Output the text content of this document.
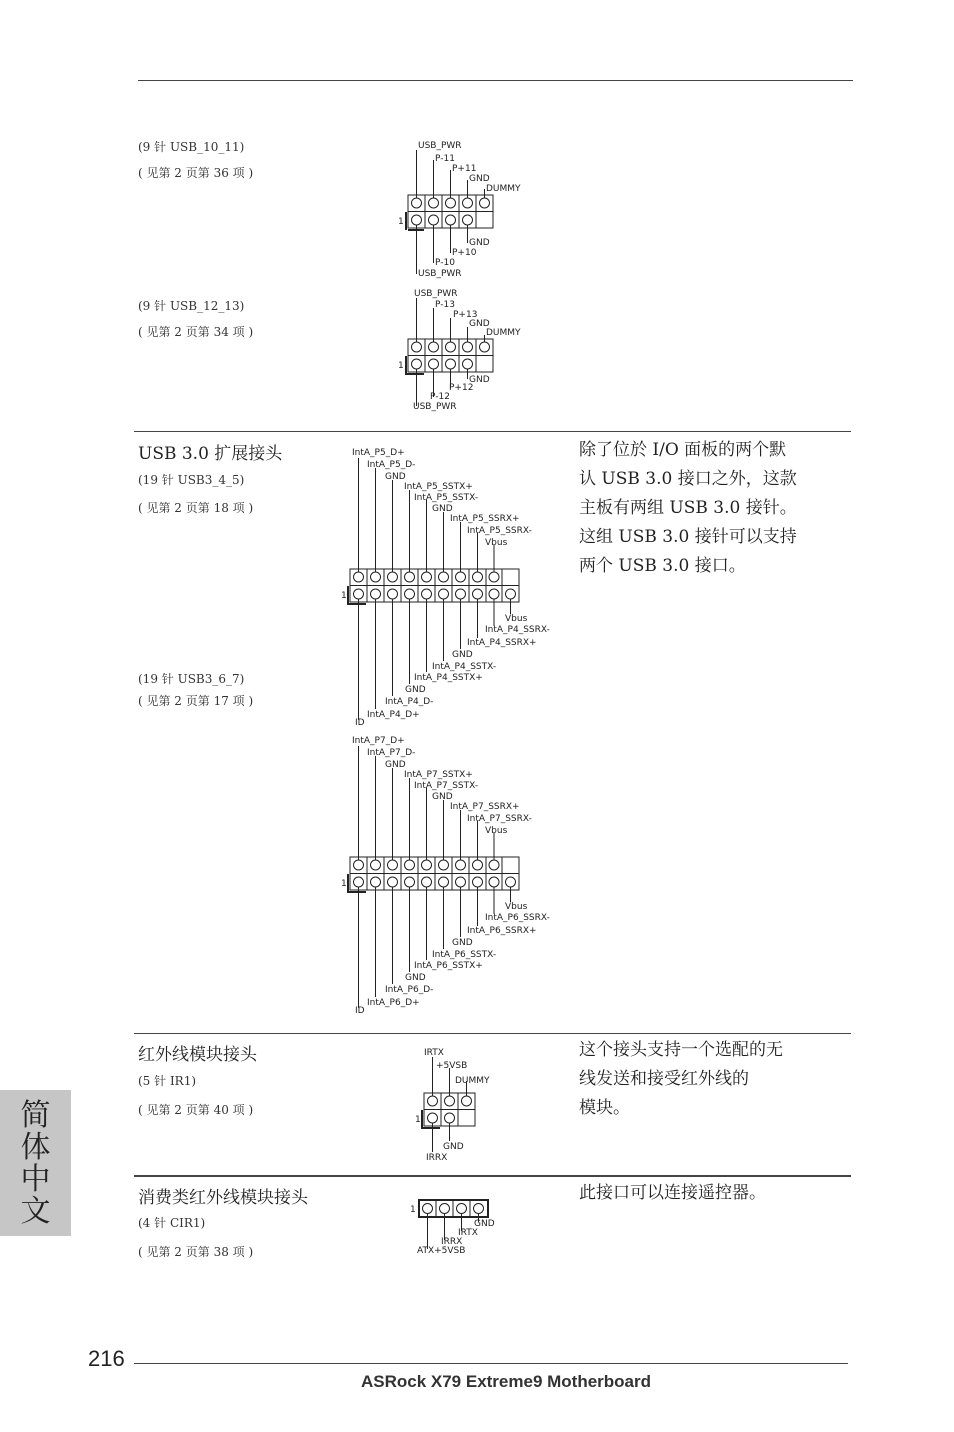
(9 针 USB_10_11)
( 见第 2 页第 36 项 )
(9 针 USB_12_13)
( 见第 2 页第 34 项 )
USB_PWR
P-11
P+11
GND
DUMMY
GND
P+10
P-10
USB_PWR
1
USB_PWR
P-13
P+13
GND
DUMMY
GND
P+12
P-12
USB_PWR
1
USB 3.0 扩展接头
(19 针 USB3_4_5)
( 见第 2 页第 18 项 )
(19 针 USB3_6_7)
( 见第 2 页第 17 项 )
除了位於 I/O 面板的两个默
认 USB 3.0 接口之外，这款
主板有两组 USB 3.0 接针。
这组 USB 3.0 接针可以支持
两个 USB 3.0 接口。
IntA_P5_D+
IntA_P5_D-
GND
IntA_P5_SSTX+
IntA_P5_SSTX-
GND
IntA_P5_SSRX+
IntA_P5_SSRX-
Vbus
Vbus
IntA_P4_SSRX-
IntA_P4_SSRX+
GND
IntA_P4_SSTX-
IntA_P4_SSTX+
GND
IntA_P4_D-
IntA_P4_D+
ID
1
IntA_P7_D+
IntA_P7_D-
GND
IntA_P7_SSTX+
IntA_P7_SSTX-
GND
IntA_P7_SSRX+
IntA_P7_SSRX-
Vbus
Vbus
IntA_P6_SSRX-
IntA_P6_SSRX+
GND
IntA_P6_SSTX-
IntA_P6_SSTX+
GND
IntA_P6_D-
IntA_P6_D+
ID
1
红外线模块接头
(5 针 IR1)
( 见第 2 页第 40 项 )
这个接头支持一个选配的无
线发送和接受红外线的
模块。
IRTX
+5VSB
DUMMY
GND
IRRX
1
消费类红外线模块接头
(4 针 CIR1)
( 见第 2 页第 38 项 )
此接口可以连接遥控器。
GND
IRTX
IRRX
ATX+5VSB
1
简
体
中
文
216
ASRock X79 Extreme9 Motherboard
